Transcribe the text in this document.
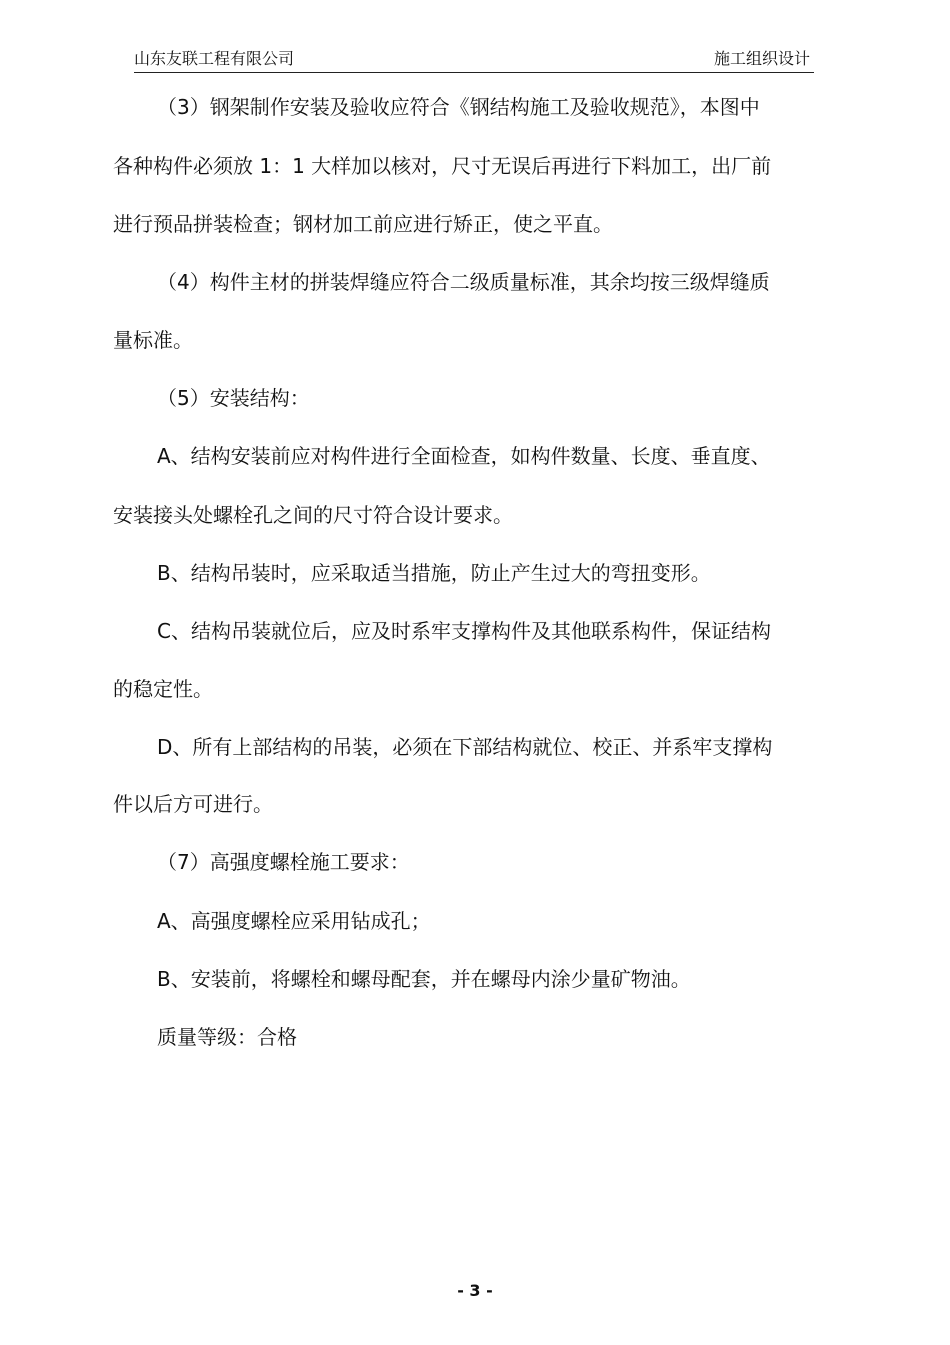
山东友联工程有限公司	施工组织设计
（3）钢架制作安装及验收应符合《钢结构施工及验收规范》，本图中
各种构件必须放 1：1 大样加以核对，尺寸无误后再进行下料加工，出厂前
进行预品拼装检查；钢材加工前应进行矫正，使之平直。
（4）构件主材的拼装焊缝应符合二级质量标准，其余均按三级焊缝质
量标准。
（5）安装结构：
A、结构安装前应对构件进行全面检查，如构件数量、长度、垂直度、
安装接头处螺栓孔之间的尺寸符合设计要求。
B、结构吊装时，应采取适当措施，防止产生过大的弯扭变形。
C、结构吊装就位后，应及时系牢支撑构件及其他联系构件，保证结构
的稳定性。
D、所有上部结构的吊装，必须在下部结构就位、校正、并系牢支撑构
件以后方可进行。
（7）高强度螺栓施工要求：
A、高强度螺栓应采用钻成孔；
B、安装前，将螺栓和螺母配套，并在螺母内涂少量矿物油。
质量等级：合格
- 3 -
